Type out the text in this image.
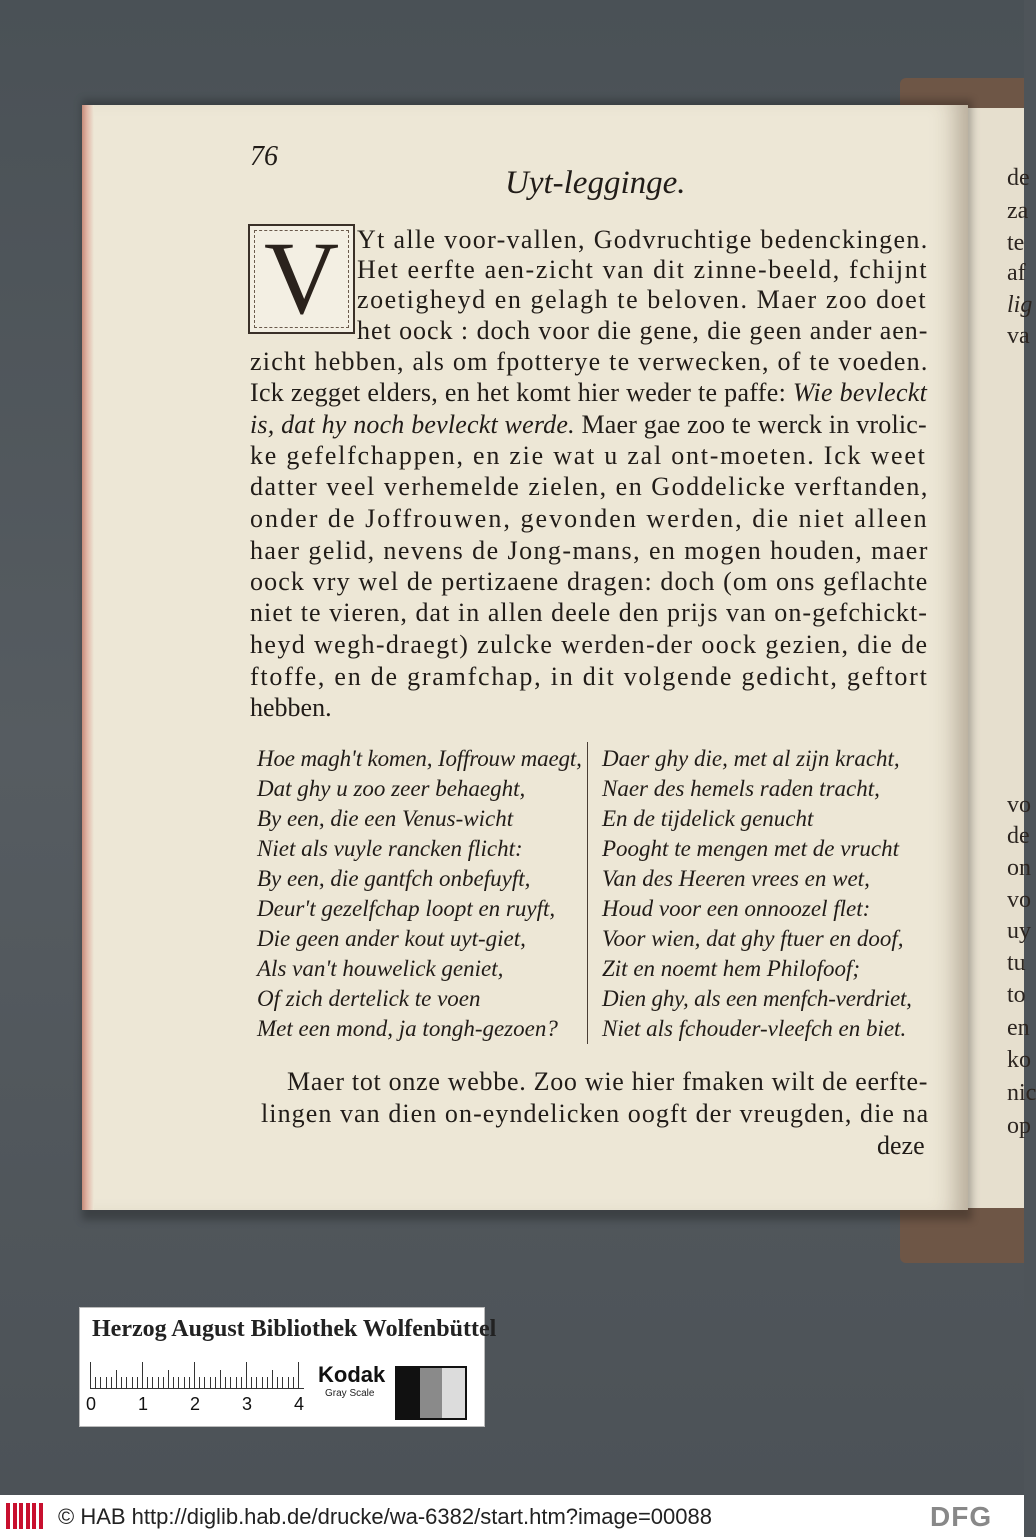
de
za
te
af
lig
va
vo
de
on
vo
uy
tu
to
en
ko
nic
op
76
Uyt-legginge.
V Yt alle voor-vallen, Godvruchtige bedenckingen.
Het eerfte aen-zicht van dit zinne-beeld, fchijnt
zoetigheyd en gelagh te beloven. Maer zoo doet
het oock : doch voor die gene, die geen ander aen-
zicht hebben, als om fpotterye te verwecken, of te voeden.
Ick zegget elders, en het komt hier weder te paffe: Wie bevleckt
is, dat hy noch bevleckt werde. Maer gae zoo te werck in vrolic-
ke gefelfchappen, en zie wat u zal ont-moeten. Ick weet
datter veel verhemelde zielen, en Goddelicke verftanden,
onder de Joffrouwen, gevonden werden, die niet alleen
haer gelid, nevens de Jong-mans, en mogen houden, maer
oock vry wel de pertizaene dragen: doch (om ons geflachte
niet te vieren, dat in allen deele den prijs van on-gefchickt-
heyd wegh-draegt) zulcke werden-der oock gezien, die de
ftoffe, en de gramfchap, in dit volgende gedicht, geftort
hebben.
Hoe magh't komen, Ioffrouw maegt,
Dat ghy u zoo zeer behaeght,
By een, die een Venus-wicht
Niet als vuyle rancken flicht:
By een, die gantfch onbefuyft,
Deur't gezelfchap loopt en ruyft,
Die geen ander kout uyt-giet,
Als van't houwelick geniet,
Of zich dertelick te voen
Met een mond, ja tongh-gezoen?
Daer ghy die, met al zijn kracht,
Naer des hemels raden tracht,
En de tijdelick genucht
Pooght te mengen met de vrucht
Van des Heeren vrees en wet,
Houd voor een onnoozel flet:
Voor wien, dat ghy ftuer en doof,
Zit en noemt hem Philofoof;
Dien ghy, als een menfch-verdriet,
Niet als fchouder-vleefch en biet.
Maer tot onze webbe. Zoo wie hier fmaken wilt de eerfte-
lingen van dien on-eyndelicken oogft der vreugden, die na
deze
Herzog August Bibliothek Wolfenbüttel
Kodak
Gray Scale
0 1 2 3 4
© HAB http://diglib.hab.de/drucke/wa-6382/start.htm?image=00088	DFG
